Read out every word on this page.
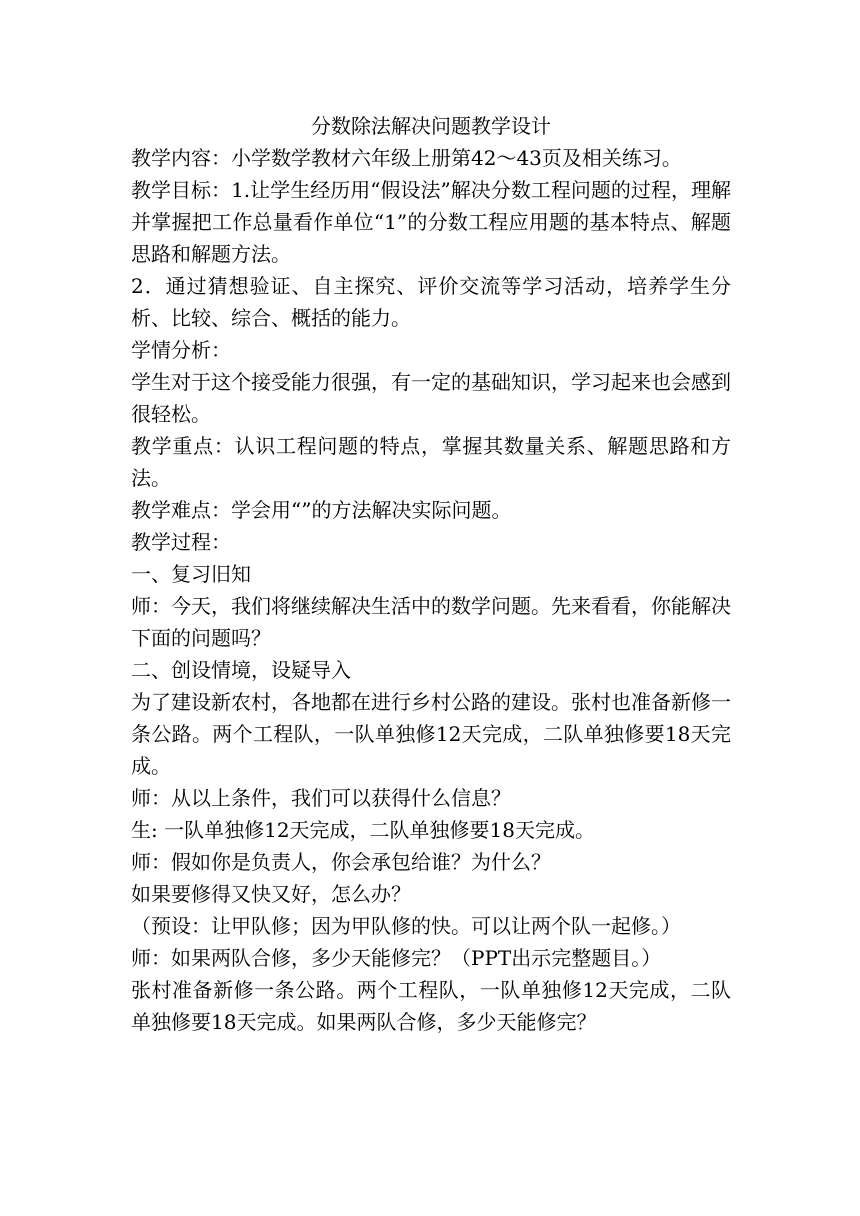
分数除法解决问题教学设计

教学内容：小学数学教材六年级上册第42～43页及相关练习。

教学目标：1.让学生经历用“假设法”解决分数工程问题的过程，理解并掌握把工作总量看作单位“1”的分数工程应用题的基本特点、解题思路和解题方法。

2．通过猜想验证、自主探究、评价交流等学习活动，培养学生分析、比较、综合、概括的能力。

学情分析：

学生对于这个接受能力很强，有一定的基础知识，学习起来也会感到很轻松。

教学重点：认识工程问题的特点，掌握其数量关系、解题思路和方法。

教学难点：学会用“”的方法解决实际问题。

教学过程：

一、复习旧知

师：今天，我们将继续解决生活中的数学问题。先来看看，你能解决下面的问题吗？

二、创设情境，设疑导入

为了建设新农村，各地都在进行乡村公路的建设。张村也准备新修一条公路。两个工程队，一队单独修12天完成，二队单独修要18天完成。

师：从以上条件，我们可以获得什么信息？

生: 一队单独修12天完成，二队单独修要18天完成。

师：假如你是负责人，你会承包给谁？为什么？

如果要修得又快又好，怎么办？

（预设：让甲队修；因为甲队修的快。可以让两个队一起修。）

师：如果两队合修，多少天能修完？（PPT出示完整题目。）

张村准备新修一条公路。两个工程队，一队单独修12天完成，二队单独修要18天完成。如果两队合修，多少天能修完？
